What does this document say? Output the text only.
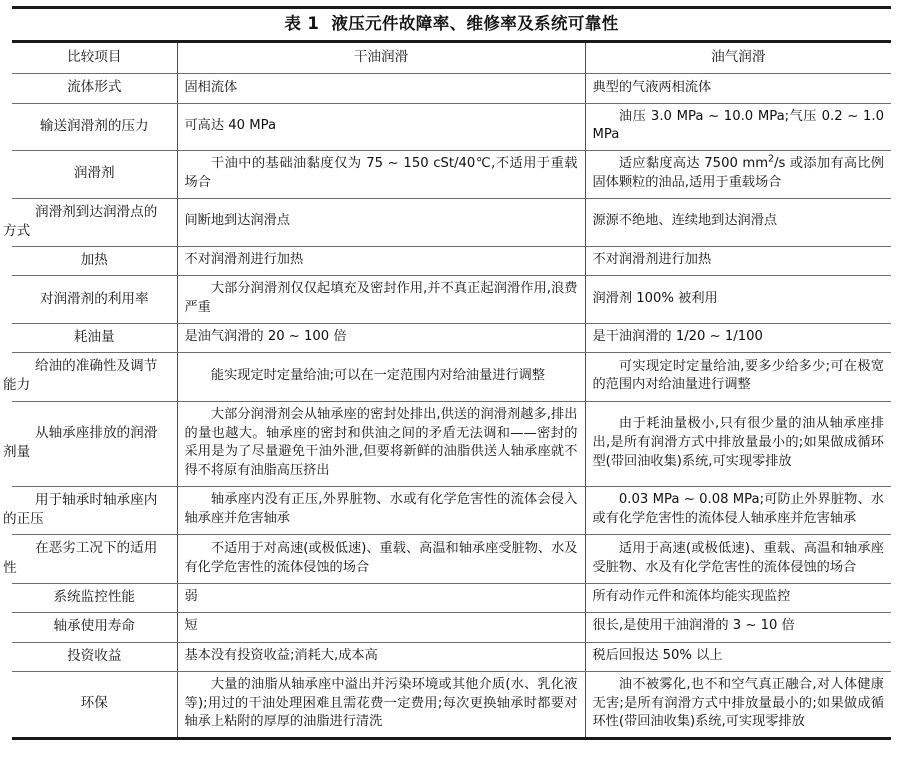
表 1 液压元件故障率、维修率及系统可靠性
比较项目	干油润滑	油气润滑
流体形式	固相流体	典型的气液两相流体

输送润滑剂的压力	可高达 40 MPa	油压 3.0 MPa ~ 10.0 MPa;气压 0.2 ~ 1.0 MPa

润滑剂	干油中的基础油黏度仅为 75 ~ 150 cSt/40℃,不适用于重载场合	适应黏度高达 7500 $mm^2/s$ 或添加有高比例固体颗粒的油品,适用于重载场合

润滑剂到达润滑点的
方式	间断地到达润滑点	源源不绝地、连续地到达润滑点

加热	不对润滑剂进行加热	不对润滑剂进行加热

对润滑剂的利用率	大部分润滑剂仅仅起填充及密封作用,并不真正起润滑作用,浪费严重	润滑剂 100% 被利用

耗油量	是油气润滑的 20 ~ 100 倍	是干油润滑的 1/20 ~ 1/100

给油的准确性及调节
能力	能实现定时定量给油;可以在一定范围内对给油量进行调整	可实现定时定量给油,要多少给多少;可在极宽的范围内对给油量进行调整

从轴承座排放的润滑
剂量	大部分润滑剂会从轴承座的密封处排出,供送的润滑剂越多,排出的量也越大。轴承座的密封和供油之间的矛盾无法调和——密封的采用是为了尽量避免干油外泄,但要将新鲜的油脂供送人轴承座就不得不将原有油脂高压挤出	由于耗油量极小,只有很少量的油从轴承座排出,是所有润滑方式中排放量最小的;如果做成循环型(带回油收集)系统,可实现零排放

用于轴承时轴承座内
的正压	轴承座内没有正压,外界脏物、水或有化学危害性的流体会侵入轴承座并危害轴承	0.03 MPa ~ 0.08 MPa;可防止外界脏物、水或有化学危害性的流体侵人轴承座并危害轴承

在恶劣工况下的适用
性	不适用于对高速(或极低速)、重载、高温和轴承座受脏物、水及有化学危害性的流体侵蚀的场合	适用于高速(或极低速)、重载、高温和轴承座受脏物、水及有化学危害性的流体侵蚀的场合

系统监控性能	弱	所有动作元件和流体均能实现监控

轴承使用寿命	短	很长,是使用干油润滑的 3 ~ 10 倍

投资收益	基本没有投资收益;消耗大,成本高	税后回报达 50% 以上

环保	大量的油脂从轴承座中溢出并污染环境或其他介质(水、乳化液等);用过的干油处理困难且需花费一定费用;每次更换轴承时都要对轴承上粘附的厚厚的油脂进行清洗	油不被雾化,也不和空气真正融合,对人体健康无害;是所有润滑方式中排放量最小的;如果做成循环性(带回油收集)系统,可实现零排放
